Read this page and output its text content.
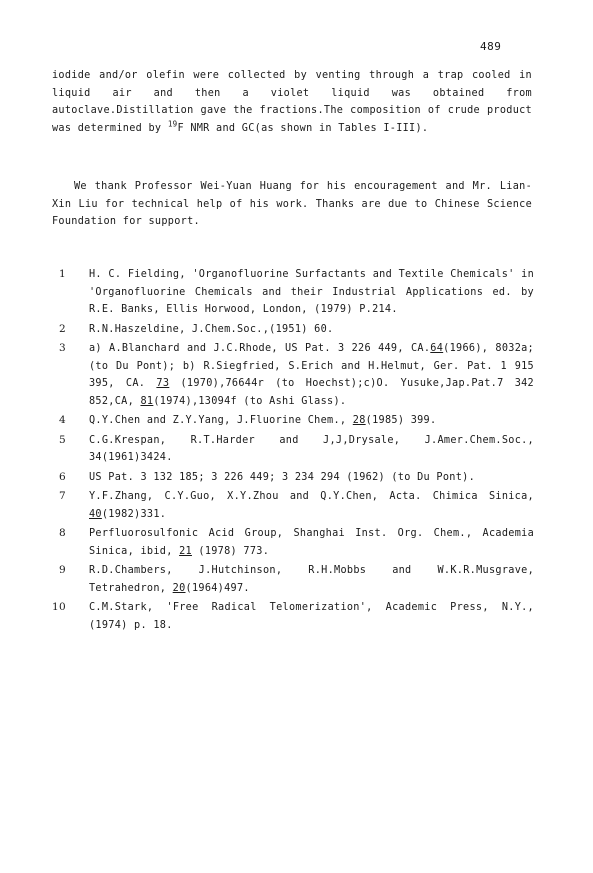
489

iodide and/or olefin were collected by venting through a trap cooled in liquid air and then a violet liquid was obtained from autoclave.Distillation gave the fractions.The composition of crude product was determined by $^{19}$F NMR and GC(as shown in Tables I-III).

We thank Professor Wei-Yuan Huang for his encouragement and Mr. Lian-Xin Liu for technical help of his work. Thanks are due to Chinese Science Foundation for support.

1	H. C. Fielding, 'Organofluorine Surfactants and Textile Chemicals' in 'Organofluorine Chemicals and their Industrial Applications ed. by R.E. Banks, Ellis Horwood, London, (1979) P.214.
2	R.N.Haszeldine, J.Chem.Soc.,(1951) 60.
3	a) A.Blanchard and J.C.Rhode, US Pat. 3 226 449, CA.64(1966), 8032a; (to Du Pont); b) R.Siegfried, S.Erich and H.Helmut, Ger. Pat. 1 915 395, CA. 73 (1970),76644r (to Hoechst);c)O. Yusuke,Jap.Pat.7 342 852,CA, 81(1974),13094f (to Ashi Glass).
4	Q.Y.Chen and Z.Y.Yang, J.Fluorine Chem., 28(1985) 399.
5	C.G.Krespan, R.T.Harder and J,J,Drysale, J.Amer.Chem.Soc., 34(1961)3424.
6	US Pat. 3 132 185; 3 226 449; 3 234 294 (1962) (to Du Pont).
7	Y.F.Zhang, C.Y.Guo, X.Y.Zhou and Q.Y.Chen, Acta. Chimica Sinica, 40(1982)331.
8	Perfluorosulfonic Acid Group, Shanghai Inst. Org. Chem., Academia Sinica, ibid, 21 (1978) 773.
9	R.D.Chambers, J.Hutchinson, R.H.Mobbs and W.K.R.Musgrave, Tetrahedron, 20(1964)497.
10	C.M.Stark, 'Free Radical Telomerization', Academic Press, N.Y., (1974) p. 18.
